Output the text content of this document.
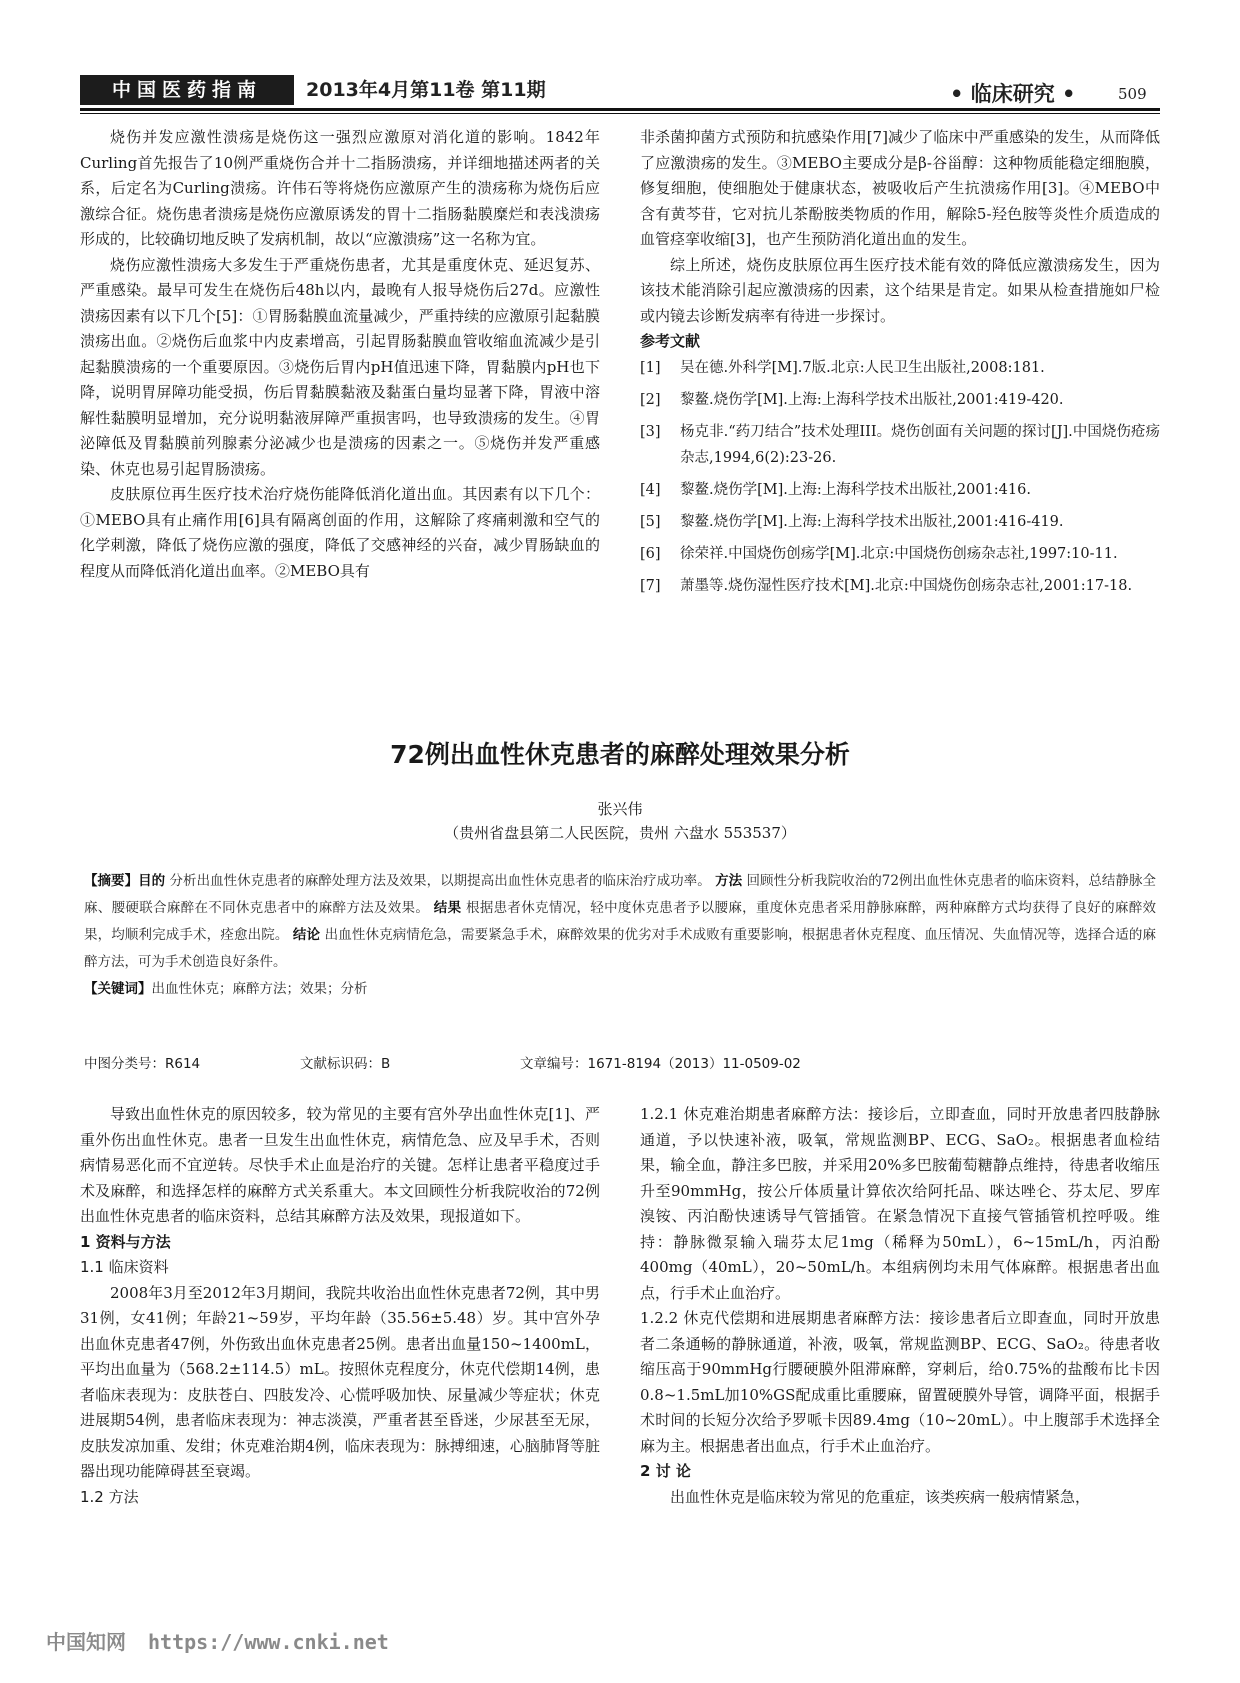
中国医药指南	2013年4月第11卷 第11期	• 临床研究 •	509

烧伤并发应激性溃疡是烧伤这一强烈应激原对消化道的影响。1842年Curling首先报告了10例严重烧伤合并十二指肠溃疡，并详细地描述两者的关系，后定名为Curling溃疡。许伟石等将烧伤应激原产生的溃疡称为烧伤后应激综合征。烧伤患者溃疡是烧伤应激原诱发的胃十二指肠黏膜糜烂和表浅溃疡形成的，比较确切地反映了发病机制，故以“应激溃疡”这一名称为宜。

烧伤应激性溃疡大多发生于严重烧伤患者，尤其是重度休克、延迟复苏、严重感染。最早可发生在烧伤后48h以内，最晚有人报导烧伤后27d。应激性溃疡因素有以下几个[5]：①胃肠黏膜血流量减少，严重持续的应激原引起黏膜溃疡出血。②烧伤后血浆中内皮素增高，引起胃肠黏膜血管收缩血流减少是引起黏膜溃疡的一个重要原因。③烧伤后胃内pH值迅速下降，胃黏膜内pH也下降，说明胃屏障功能受损，伤后胃黏膜黏液及黏蛋白量均显著下降，胃液中溶解性黏膜明显增加，充分说明黏液屏障严重损害吗，也导致溃疡的发生。④胃泌障低及胃黏膜前列腺素分泌减少也是溃疡的因素之一。⑤烧伤并发严重感染、休克也易引起胃肠溃疡。

皮肤原位再生医疗技术治疗烧伤能降低消化道出血。其因素有以下几个：①MEBO具有止痛作用[6]具有隔离创面的作用，这解除了疼痛刺激和空气的化学刺激，降低了烧伤应激的强度，降低了交感神经的兴奋，减少胃肠缺血的程度从而降低消化道出血率。②MEBO具有

非杀菌抑菌方式预防和抗感染作用[7]减少了临床中严重感染的发生，从而降低了应激溃疡的发生。③MEBO主要成分是β-谷甾醇：这种物质能稳定细胞膜，修复细胞，使细胞处于健康状态，被吸收后产生抗溃疡作用[3]。④MEBO中含有黄芩苷，它对抗儿茶酚胺类物质的作用，解除5-羟色胺等炎性介质造成的血管痉挛收缩[3]，也产生预防消化道出血的发生。

综上所述，烧伤皮肤原位再生医疗技术能有效的降低应激溃疡发生，因为该技术能消除引起应激溃疡的因素，这个结果是肯定。如果从检查措施如尸检或内镜去诊断发病率有待进一步探讨。

参考文献
[1] 吴在德.外科学[M].7版.北京:人民卫生出版社,2008:181.
[2] 黎鳌.烧伤学[M].上海:上海科学技术出版社,2001:419-420.
[3] 杨克非.“药刀结合”技术处理III。烧伤创面有关问题的探讨[J].中国烧伤疮疡杂志,1994,6(2):23-26.
[4] 黎鳌.烧伤学[M].上海:上海科学技术出版社,2001:416.
[5] 黎鳌.烧伤学[M].上海:上海科学技术出版社,2001:416-419.
[6] 徐荣祥.中国烧伤创疡学[M].北京:中国烧伤创疡杂志社,1997:10-11.
[7] 萧墨等.烧伤湿性医疗技术[M].北京:中国烧伤创疡杂志社,2001:17-18.
72例出血性休克患者的麻醉处理效果分析
张兴伟
（贵州省盘县第二人民医院，贵州 六盘水 553537）
【摘要】目的 分析出血性休克患者的麻醉处理方法及效果，以期提高出血性休克患者的临床治疗成功率。 方法 回顾性分析我院收治的72例出血性休克患者的临床资料，总结静脉全麻、腰硬联合麻醉在不同休克患者中的麻醉方法及效果。 结果 根据患者休克情况，轻中度休克患者予以腰麻，重度休克患者采用静脉麻醉，两种麻醉方式均获得了良好的麻醉效果，均顺利完成手术，痊愈出院。 结论 出血性休克病情危急，需要紧急手术，麻醉效果的优劣对手术成败有重要影响，根据患者休克程度、血压情况、失血情况等，选择合适的麻醉方法，可为手术创造良好条件。
【关键词】出血性休克；麻醉方法；效果；分析
中图分类号：R614	文献标识码：B	文章编号：1671-8194（2013）11-0509-02

导致出血性休克的原因较多，较为常见的主要有宫外孕出血性休克[1]、严重外伤出血性休克。患者一旦发生出血性休克，病情危急、应及早手术，否则病情易恶化而不宜逆转。尽快手术止血是治疗的关键。怎样让患者平稳度过手术及麻醉，和选择怎样的麻醉方式关系重大。本文回顾性分析我院收治的72例出血性休克患者的临床资料，总结其麻醉方法及效果，现报道如下。

1 资料与方法
1.1 临床资料

2008年3月至2012年3月期间，我院共收治出血性休克患者72例，其中男31例，女41例；年龄21~59岁，平均年龄（35.56±5.48）岁。其中宫外孕出血休克患者47例，外伤致出血休克患者25例。患者出血量150~1400mL，平均出血量为（568.2±114.5）mL。按照休克程度分，休克代偿期14例，患者临床表现为：皮肤苍白、四肢发冷、心慌呼吸加快、尿量减少等症状；休克进展期54例，患者临床表现为：神志淡漠，严重者甚至昏迷，少尿甚至无尿，皮肤发凉加重、发绀；休克难治期4例，临床表现为：脉搏细速，心脑肺肾等脏器出现功能障碍甚至衰竭。

1.2 方法

1.2.1 休克难治期患者麻醉方法：接诊后，立即查血，同时开放患者四肢静脉通道，予以快速补液，吸氧，常规监测BP、ECG、SaO₂。根据患者血检结果，输全血，静注多巴胺，并采用20%多巴胺葡萄糖静点维持，待患者收缩压升至90mmHg，按公斤体质量计算依次给阿托品、咪达唑仑、芬太尼、罗库溴铵、丙泊酚快速诱导气管插管。在紧急情况下直接气管插管机控呼吸。维持：静脉微泵输入瑞芬太尼1mg（稀释为50mL），6~15mL/h，丙泊酚400mg（40mL），20~50mL/h。本组病例均未用气体麻醉。根据患者出血点，行手术止血治疗。

1.2.2 休克代偿期和进展期患者麻醉方法：接诊患者后立即查血，同时开放患者二条通畅的静脉通道，补液，吸氧，常规监测BP、ECG、SaO₂。待患者收缩压高于90mmHg行腰硬膜外阻滞麻醉，穿刺后，给0.75%的盐酸布比卡因0.8~1.5mL加10%GS配成重比重腰麻，留置硬膜外导管，调降平面，根据手术时间的长短分次给予罗哌卡因89.4mg（10~20mL）。中上腹部手术选择全麻为主。根据患者出血点，行手术止血治疗。

2 讨 论

出血性休克是临床较为常见的危重症，该类疾病一般病情紧急，

中国知网 https://www.cnki.net
